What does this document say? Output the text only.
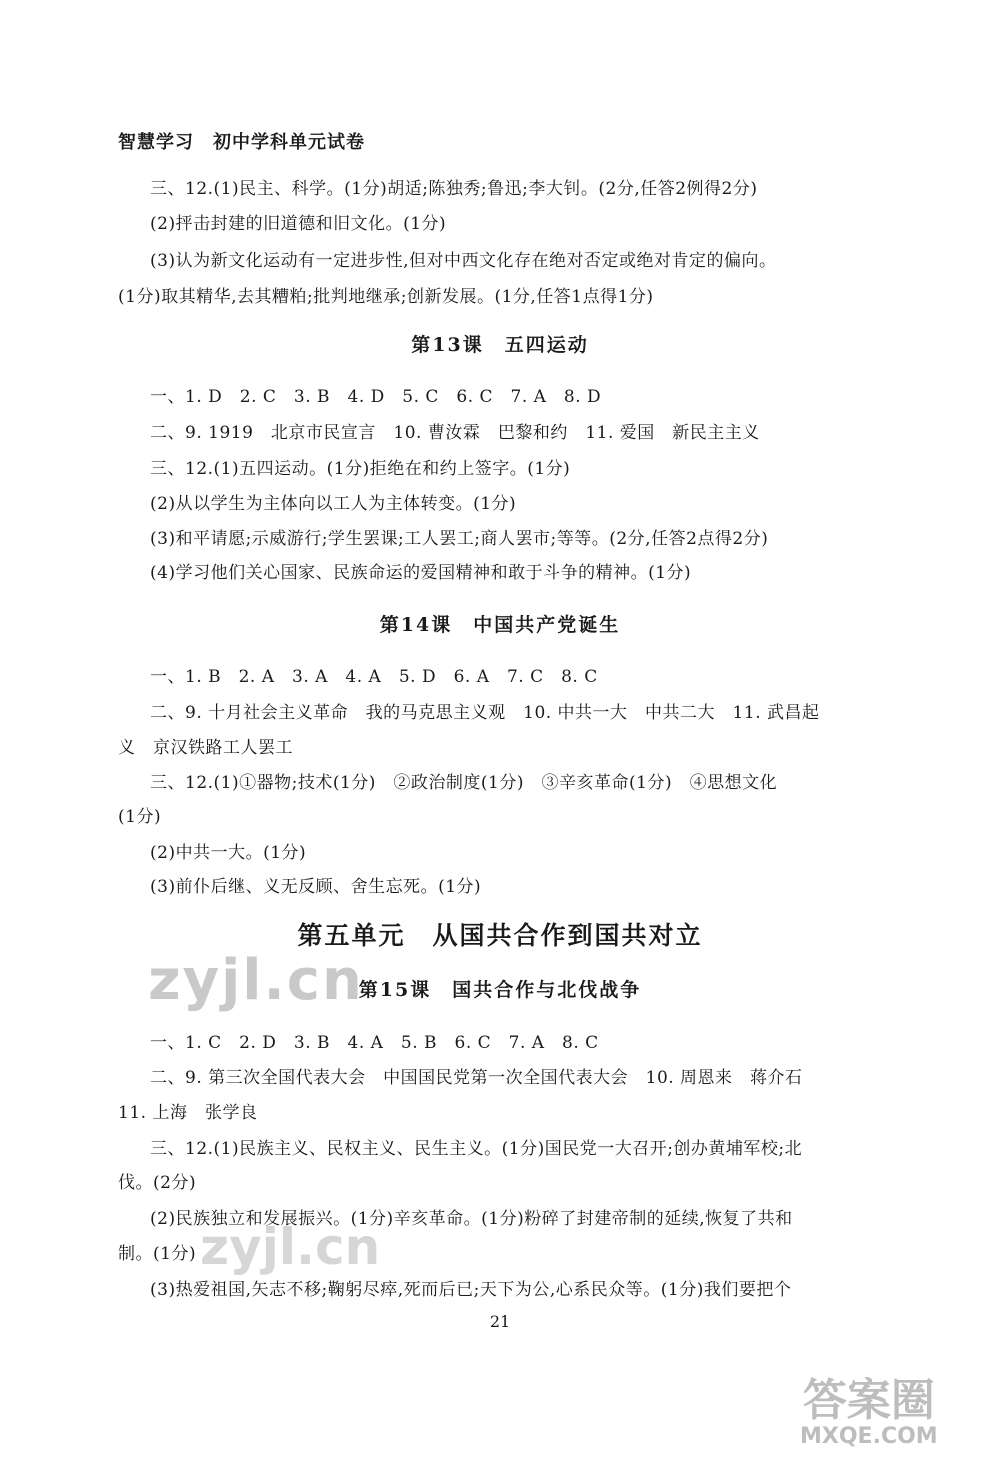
智慧学习　初中学科单元试卷
三、12.(1)民主、科学。(1分)胡适;陈独秀;鲁迅;李大钊。(2分,任答2例得2分)
(2)抨击封建的旧道德和旧文化。(1分)
(3)认为新文化运动有一定进步性,但对中西文化存在绝对否定或绝对肯定的偏向。
(1分)取其精华,去其糟粕;批判地继承;创新发展。(1分,任答1点得1分)
第13课　五四运动
一、1. D　2. C　3. B　4. D　5. C　6. C　7. A　8. D
二、9. 1919　北京市民宣言　10. 曹汝霖　巴黎和约　11. 爱国　新民主主义
三、12.(1)五四运动。(1分)拒绝在和约上签字。(1分)
(2)从以学生为主体向以工人为主体转变。(1分)
(3)和平请愿;示威游行;学生罢课;工人罢工;商人罢市;等等。(2分,任答2点得2分)
(4)学习他们关心国家、民族命运的爱国精神和敢于斗争的精神。(1分)
第14课　中国共产党诞生
一、1. B　2. A　3. A　4. A　5. D　6. A　7. C　8. C
二、9. 十月社会主义革命　我的马克思主义观　10. 中共一大　中共二大　11. 武昌起
义　京汉铁路工人罢工
三、12.(1)①器物;技术(1分)　②政治制度(1分)　③辛亥革命(1分)　④思想文化
(1分)
(2)中共一大。(1分)
(3)前仆后继、义无反顾、舍生忘死。(1分)
第五单元　从国共合作到国共对立
第15课　国共合作与北伐战争
一、1. C　2. D　3. B　4. A　5. B　6. C　7. A　8. C
二、9. 第三次全国代表大会　中国国民党第一次全国代表大会　10. 周恩来　蒋介石
11. 上海　张学良
三、12.(1)民族主义、民权主义、民生主义。(1分)国民党一大召开;创办黄埔军校;北
伐。(2分)
(2)民族独立和发展振兴。(1分)辛亥革命。(1分)粉碎了封建帝制的延续,恢复了共和
制。(1分)
(3)热爱祖国,矢志不移;鞠躬尽瘁,死而后已;天下为公,心系民众等。(1分)我们要把个
21
zyjl.cn
zyjl.cn
答案圈
MXQE.COM
